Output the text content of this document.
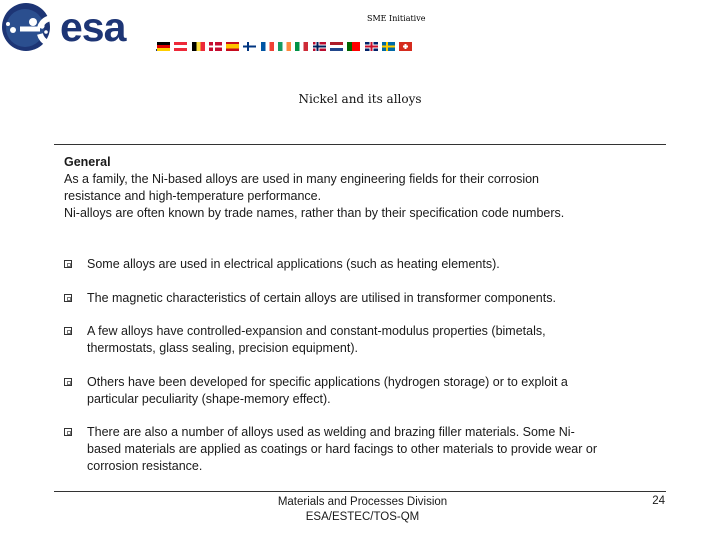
esa	SME Initiative
Nickel and its alloys
General
As a family, the Ni-based alloys are used in many engineering fields for their corrosion
resistance and high-temperature performance.
Ni-alloys are often known by trade names, rather than by their specification code numbers.
Some alloys are used in electrical applications (such as heating elements).
The magnetic characteristics of certain alloys are utilised in transformer components.
A few alloys have controlled-expansion and constant-modulus properties (bimetals,
thermostats, glass sealing, precision equipment).
Others have been developed for specific applications (hydrogen storage) or to exploit a
particular peculiarity (shape-memory effect).
There are also a number of alloys used as welding and brazing filler materials. Some Ni-
based materials are applied as coatings or hard facings to other materials to provide wear or
corrosion resistance.
Materials and Processes Division
ESA/ESTEC/TOS-QM
24
